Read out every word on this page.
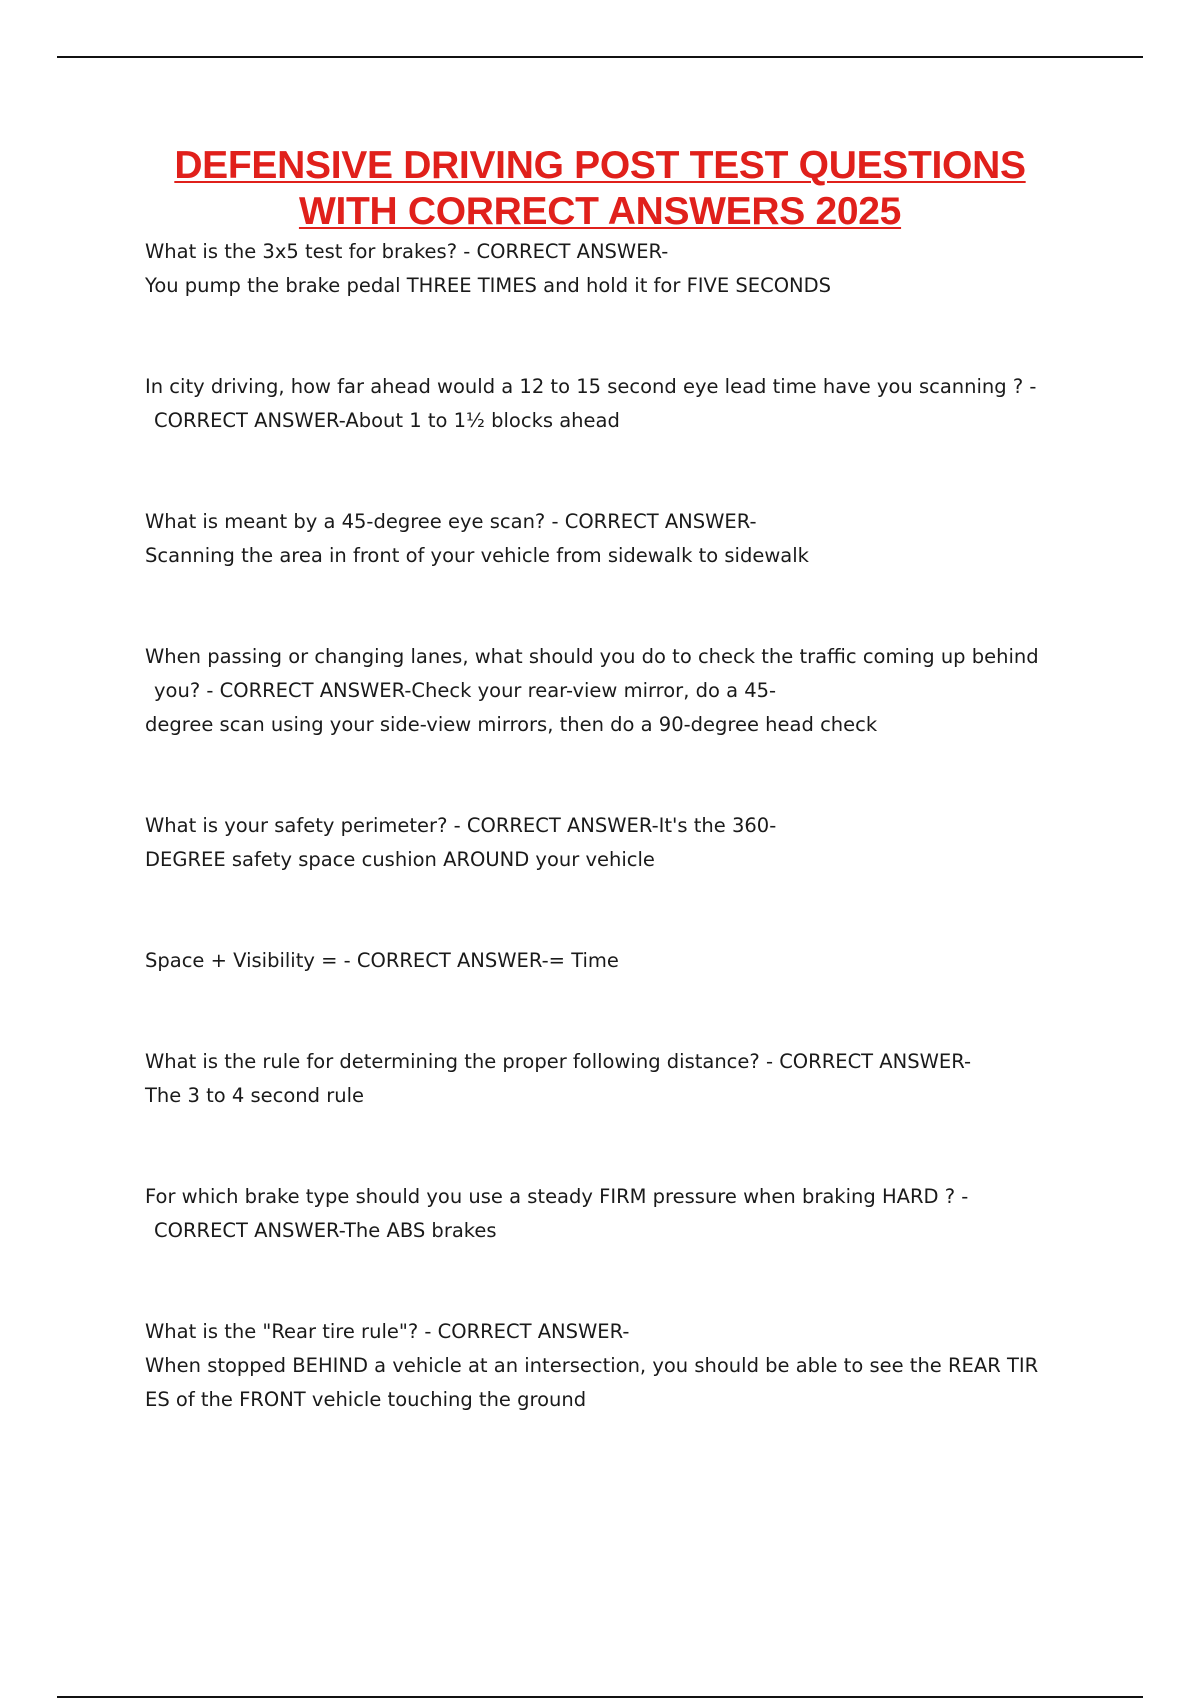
DEFENSIVE DRIVING POST TEST QUESTIONS
WITH CORRECT ANSWERS 2025
What is the 3x5 test for brakes? - CORRECT ANSWER-
You pump the brake pedal THREE TIMES and hold it for FIVE SECONDS
In city driving, how far ahead would a 12 to 15 second eye lead time have you scanning ? -
CORRECT ANSWER-About 1 to 1½ blocks ahead
What is meant by a 45-degree eye scan? - CORRECT ANSWER-
Scanning the area in front of your vehicle from sidewalk to sidewalk
When passing or changing lanes, what should you do to check the traffic coming up behind
you? - CORRECT ANSWER-Check your rear-view mirror, do a 45-
degree scan using your side-view mirrors, then do a 90-degree head check
What is your safety perimeter? - CORRECT ANSWER-It's the 360-
DEGREE safety space cushion AROUND your vehicle
Space + Visibility = - CORRECT ANSWER-= Time
What is the rule for determining the proper following distance? - CORRECT ANSWER-
The 3 to 4 second rule
For which brake type should you use a steady FIRM pressure when braking HARD ? -
CORRECT ANSWER-The ABS brakes
What is the "Rear tire rule"? - CORRECT ANSWER-
When stopped BEHIND a vehicle at an intersection, you should be able to see the REAR TIR
ES of the FRONT vehicle touching the ground
